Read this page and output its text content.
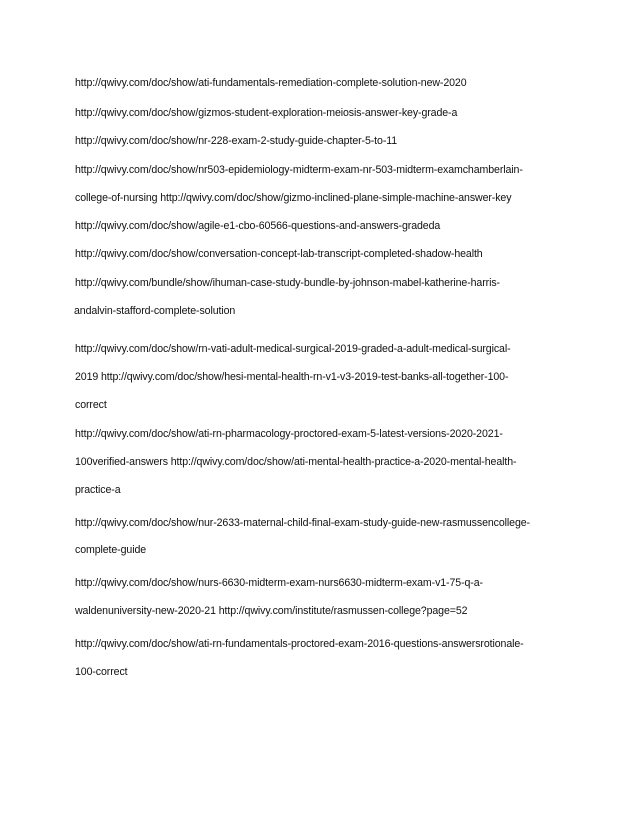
http://qwivy.com/doc/show/ati-fundamentals-remediation-complete-solution-new-2020
http://qwivy.com/doc/show/gizmos-student-exploration-meiosis-answer-key-grade-a
http://qwivy.com/doc/show/nr-228-exam-2-study-guide-chapter-5-to-11
http://qwivy.com/doc/show/nr503-epidemiology-midterm-exam-nr-503-midterm-examchamberlain-
college-of-nursing http://qwivy.com/doc/show/gizmo-inclined-plane-simple-machine-answer-key
http://qwivy.com/doc/show/agile-e1-cbo-60566-questions-and-answers-gradeda
http://qwivy.com/doc/show/conversation-concept-lab-transcript-completed-shadow-health
http://qwivy.com/bundle/show/ihuman-case-study-bundle-by-johnson-mabel-katherine-harris-
andalvin-stafford-complete-solution
http://qwivy.com/doc/show/rn-vati-adult-medical-surgical-2019-graded-a-adult-medical-surgical-
2019 http://qwivy.com/doc/show/hesi-mental-health-rn-v1-v3-2019-test-banks-all-together-100-
correct
http://qwivy.com/doc/show/ati-rn-pharmacology-proctored-exam-5-latest-versions-2020-2021-
100verified-answers http://qwivy.com/doc/show/ati-mental-health-practice-a-2020-mental-health-
practice-a
http://qwivy.com/doc/show/nur-2633-maternal-child-final-exam-study-guide-new-rasmussencollege-
complete-guide
http://qwivy.com/doc/show/nurs-6630-midterm-exam-nurs6630-midterm-exam-v1-75-q-a-
waldenuniversity-new-2020-21 http://qwivy.com/institute/rasmussen-college?page=52
http://qwivy.com/doc/show/ati-rn-fundamentals-proctored-exam-2016-questions-answersrotionale-
100-correct
